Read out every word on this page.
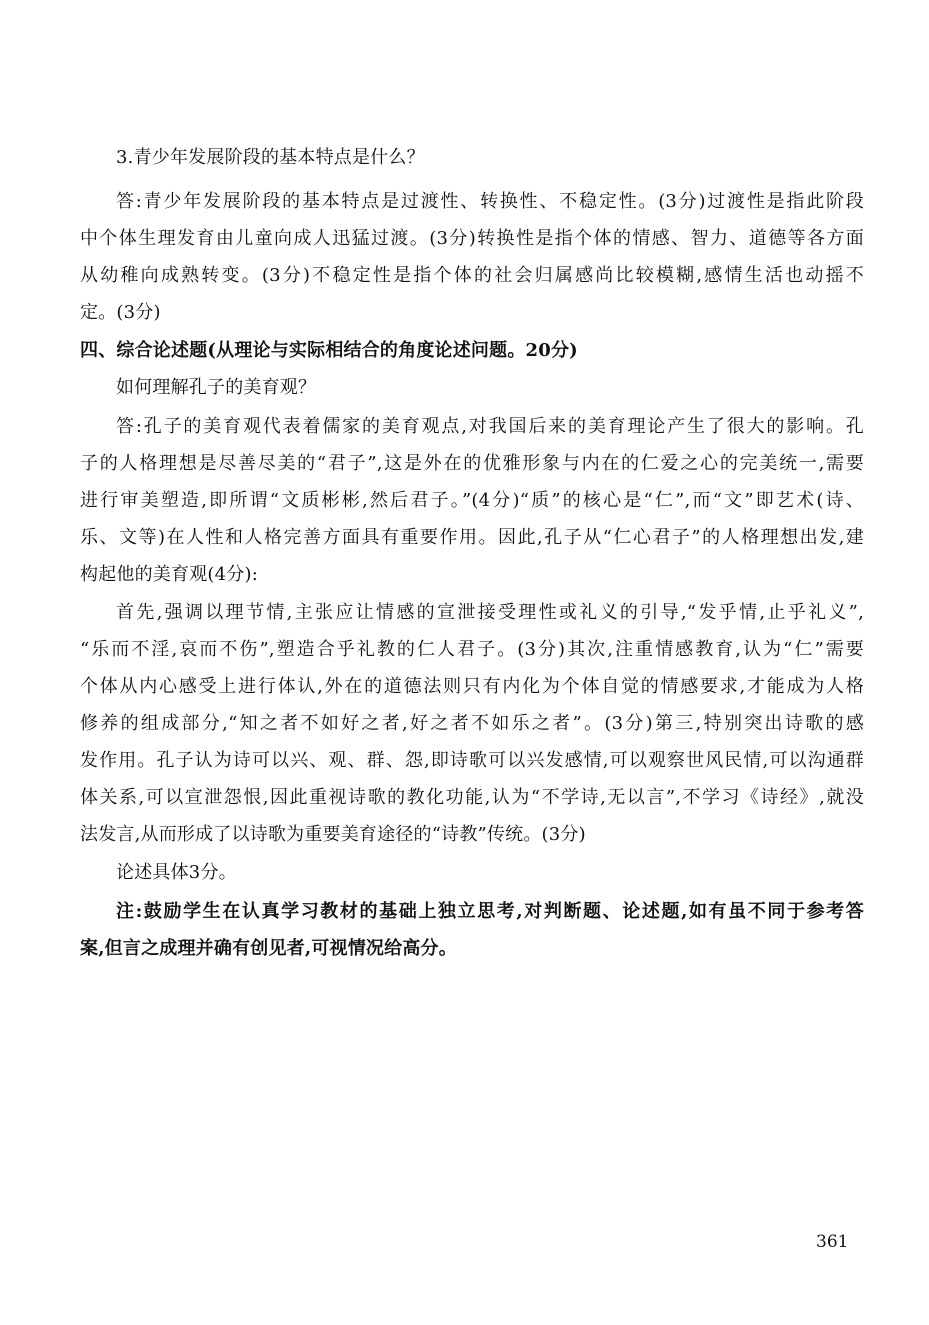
3.青少年发展阶段的基本特点是什么？
答:青少年发展阶段的基本特点是过渡性、转换性、不稳定性。(3分)过渡性是指此阶段
中个体生理发育由儿童向成人迅猛过渡。(3分)转换性是指个体的情感、智力、道德等各方面
从幼稚向成熟转变。(3分)不稳定性是指个体的社会归属感尚比较模糊,感情生活也动摇不
定。(3分)
四、综合论述题(从理论与实际相结合的角度论述问题。20分)
如何理解孔子的美育观？
答:孔子的美育观代表着儒家的美育观点,对我国后来的美育理论产生了很大的影响。孔
子的人格理想是尽善尽美的“君子”,这是外在的优雅形象与内在的仁爱之心的完美统一,需要
进行审美塑造,即所谓“文质彬彬,然后君子。”(4分)“质”的核心是“仁”,而“文”即艺术(诗、
乐、文等)在人性和人格完善方面具有重要作用。因此,孔子从“仁心君子”的人格理想出发,建
构起他的美育观(4分):
首先,强调以理节情,主张应让情感的宣泄接受理性或礼义的引导,“发乎情,止乎礼义”,
“乐而不淫,哀而不伤”,塑造合乎礼教的仁人君子。(3分)其次,注重情感教育,认为“仁”需要
个体从内心感受上进行体认,外在的道德法则只有内化为个体自觉的情感要求,才能成为人格
修养的组成部分,“知之者不如好之者,好之者不如乐之者”。(3分)第三,特别突出诗歌的感
发作用。孔子认为诗可以兴、观、群、怨,即诗歌可以兴发感情,可以观察世风民情,可以沟通群
体关系,可以宣泄怨恨,因此重视诗歌的教化功能,认为“不学诗,无以言”,不学习《诗经》,就没
法发言,从而形成了以诗歌为重要美育途径的“诗教”传统。(3分)
论述具体3分。
注:鼓励学生在认真学习教材的基础上独立思考,对判断题、论述题,如有虽不同于参考答
案,但言之成理并确有创见者,可视情况给高分。
361
